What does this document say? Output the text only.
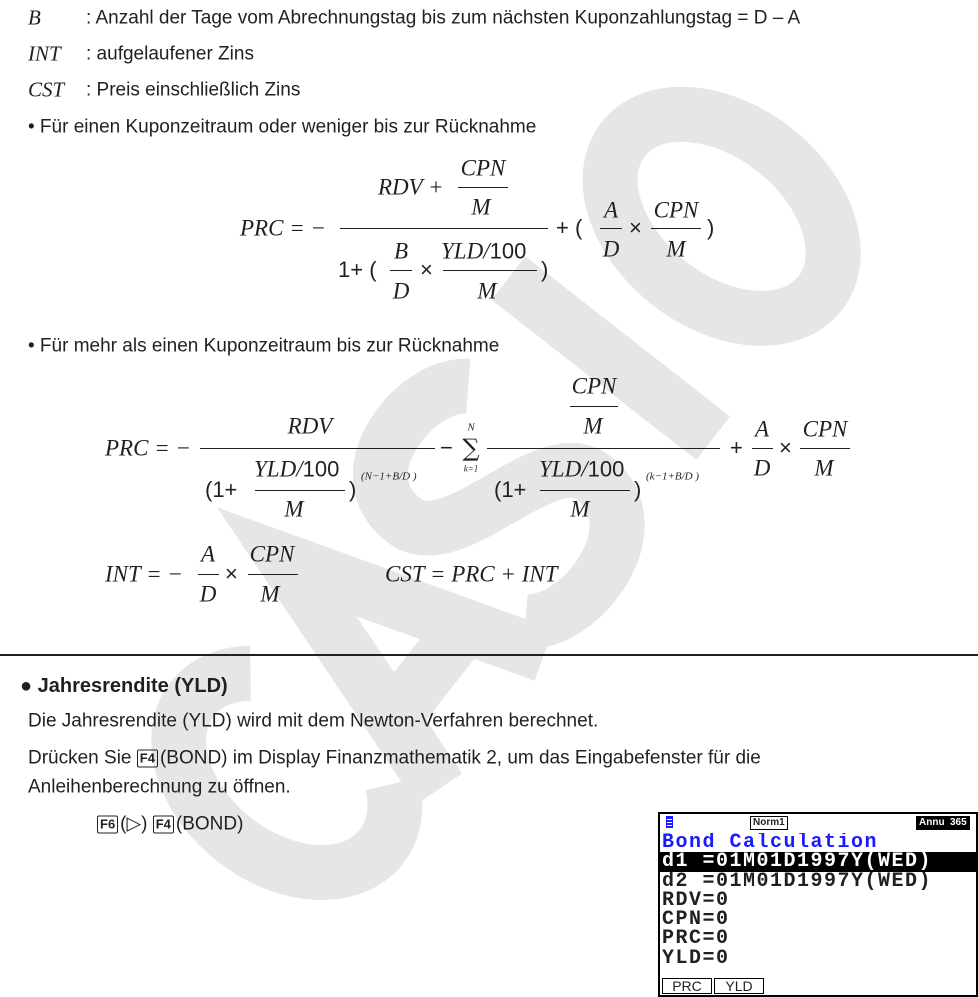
B : Anzahl der Tage vom Abrechnungstag bis zum nächsten Kuponzahlungstag = D – A
INT : aufgelaufener Zins
CST : Preis einschließlich Zins
• Für einen Kuponzeitraum oder weniger bis zur Rücknahme
PRC = −
RDV +
CPN
M
1+ (
B
D
×
YLD/100
M
)
+ (
A
D
×
CPN
M
)
• Für mehr als einen Kuponzeitraum bis zur Rücknahme
PRC = −
RDV
(1+
YLD/100
M
)
(N−1+B/D )
−
N
∑
k=1
CPN
M
(1+
YLD/100
M
)
(k−1+B/D )
+
A
D
×
CPN
M
INT = −
A
D
×
CPN
M
CST = PRC + INT
● Jahresrendite (YLD)
Die Jahresrendite (YLD) wird mit dem Newton-Verfahren berechnet.
Drücken Sie F4 (BOND) im Display Finanzmathematik 2, um das Eingabefenster für die
Anleihenberechnung zu öffnen.
F6 (▷) F4 (BOND)	Norm1	Annu 365
Bond Calculation
d1 =01M01D1997Y(WED)
d2 =01M01D1997Y(WED)
RDV=0
CPN=0
PRC=0
YLD=0
PRC	YLD
